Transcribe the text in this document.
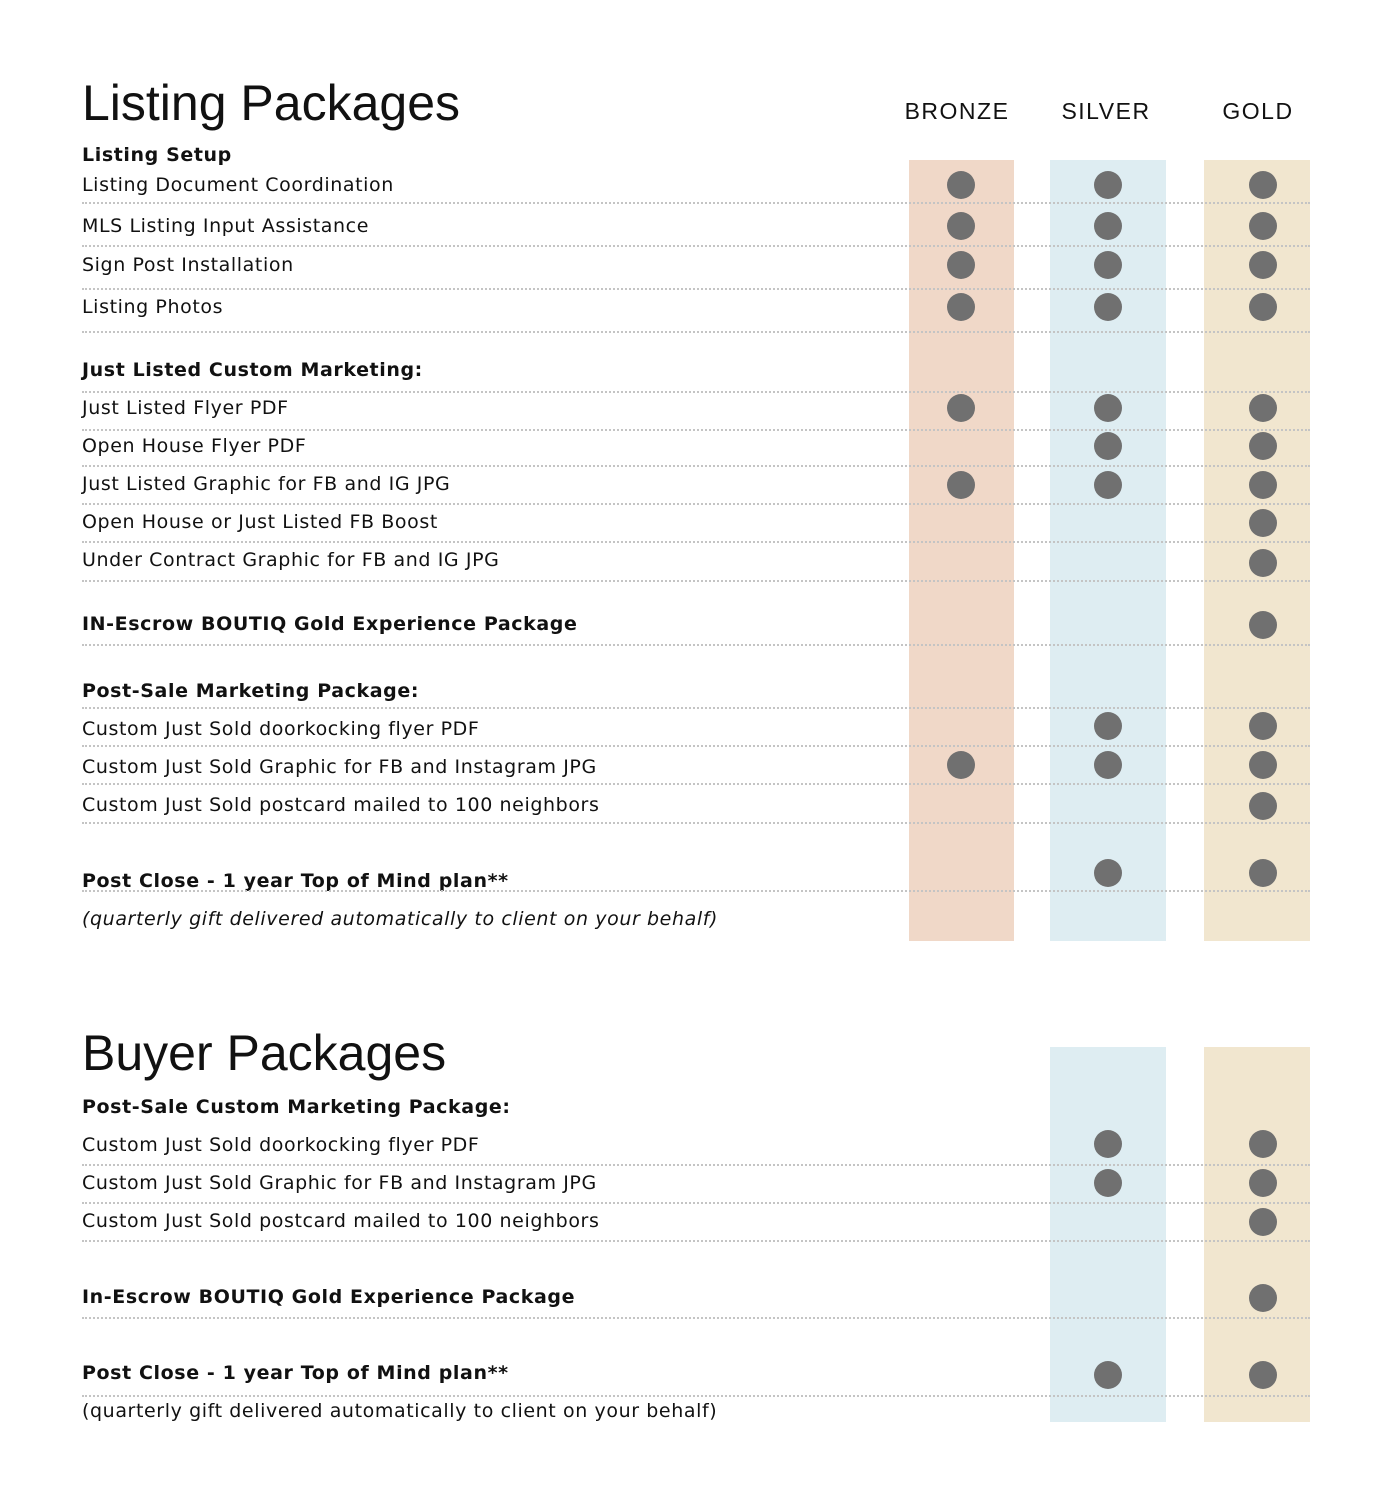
Listing Packages	BRONZE SILVER	GOLD
Listing Setup
Listing Document Coordination
MLS Listing Input Assistance
Sign Post Installation
Listing Photos
Just Listed Custom Marketing:
Just Listed Flyer PDF
Open House Flyer PDF
Just Listed Graphic for FB and IG JPG
Open House or Just Listed FB Boost
Under Contract Graphic for FB and IG JPG
IN-Escrow BOUTIQ Gold Experience Package
Post-Sale Marketing Package:
Custom Just Sold doorkocking flyer PDF
Custom Just Sold Graphic for FB and Instagram JPG
Custom Just Sold postcard mailed to 100 neighbors
Post Close - 1 year Top of Mind plan**
(quarterly gift delivered automatically to client on your behalf)
Buyer Packages
Post-Sale Custom Marketing Package:
Custom Just Sold doorkocking flyer PDF
Custom Just Sold Graphic for FB and Instagram JPG
Custom Just Sold postcard mailed to 100 neighbors
In-Escrow BOUTIQ Gold Experience Package
Post Close - 1 year Top of Mind plan**
(quarterly gift delivered automatically to client on your behalf)
